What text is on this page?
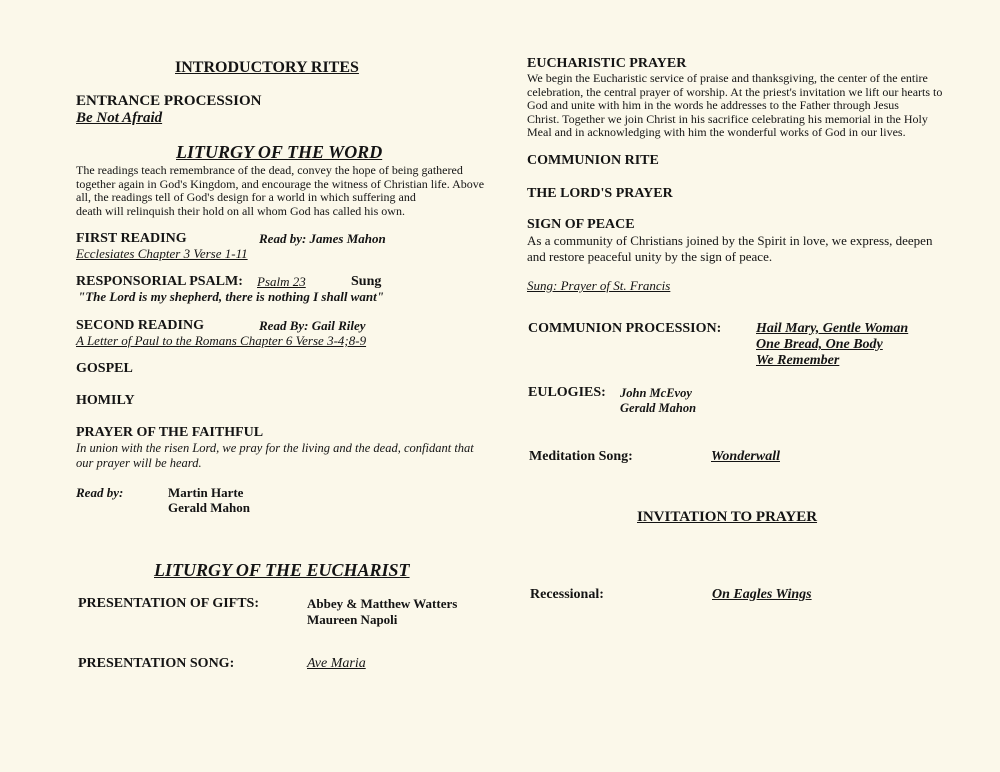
INTRODUCTORY RITES
ENTRANCE PROCESSION
Be Not Afraid
LITURGY OF THE WORD
The readings teach remembrance of the dead, convey the hope of being gathered
together again in God's Kingdom, and encourage the witness of Christian life. Above
all, the readings tell of God's design for a world in which suffering and
death will relinquish their hold on all whom God has called his own.
FIRST READING	Read by: James Mahon
Ecclesiates Chapter 3 Verse 1-11
RESPONSORIAL PSALM: Psalm 23	Sung
"The Lord is my shepherd, there is nothing I shall want"
SECOND READING	Read By: Gail Riley
A Letter of Paul to the Romans Chapter 6 Verse 3-4;8-9
GOSPEL
HOMILY
PRAYER OF THE FAITHFUL
In union with the risen Lord, we pray for the living and the dead, confidant that
our prayer will be heard.
Read by:	Martin Harte
Gerald Mahon
LITURGY OF THE EUCHARIST
PRESENTATION OF GIFTS:	Abbey & Matthew Watters
Maureen Napoli
PRESENTATION SONG:	Ave Maria
EUCHARISTIC PRAYER
We begin the Eucharistic service of praise and thanksgiving, the center of the entire
celebration, the central prayer of worship. At the priest's invitation we lift our hearts to
God and unite with him in the words he addresses to the Father through Jesus
Christ. Together we join Christ in his sacrifice celebrating his memorial in the Holy
Meal and in acknowledging with him the wonderful works of God in our lives.
COMMUNION RITE
THE LORD'S PRAYER
SIGN OF PEACE
As a community of Christians joined by the Spirit in love, we express, deepen
and restore peaceful unity by the sign of peace.
Sung: Prayer of St. Francis
COMMUNION PROCESSION: Hail Mary, Gentle Woman
One Bread, One Body
We Remember
EULOGIES: John McEvoy
Gerald Mahon
Meditation Song:	Wonderwall
INVITATION TO PRAYER
Recessional:	On Eagles Wings
